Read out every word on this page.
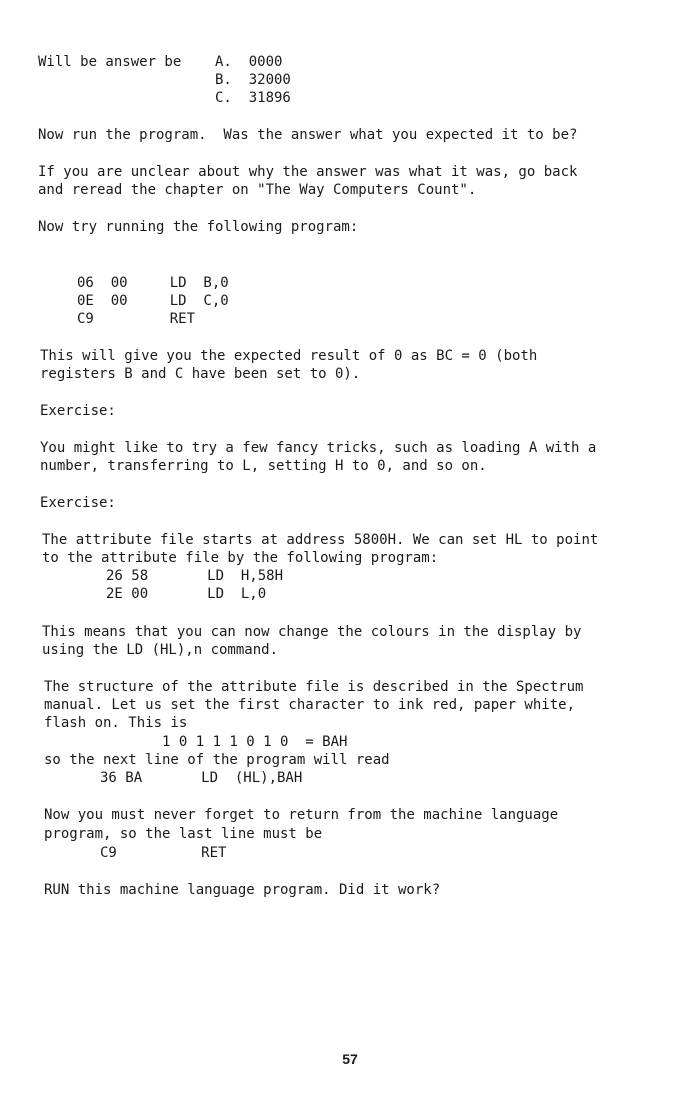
Will be answer be    A.  0000

B.  32000

C.  31896

Now run the program.  Was the answer what you expected it to be?

If you are unclear about why the answer was what it was, go back

and reread the chapter on "The Way Computers Count".

Now try running the following program:

06  00     LD  B,0

0E  00     LD  C,0

C9         RET

This will give you the expected result of 0 as BC = 0 (both

registers B and C have been set to 0).

Exercise:

You might like to try a few fancy tricks, such as loading A with a

number, transferring to L, setting H to 0, and so on.

Exercise:

The attribute file starts at address 5800H. We can set HL to point

to the attribute file by the following program:

26 58       LD  H,58H

2E 00       LD  L,0

This means that you can now change the colours in the display by

using the LD (HL),n command.

The structure of the attribute file is described in the Spectrum

manual. Let us set the first character to ink red, paper white,

flash on. This is

1 0 1 1 1 0 1 0  = BAH

so the next line of the program will read

36 BA       LD  (HL),BAH

Now you must never forget to return from the machine language

program, so the last line must be

C9          RET

RUN this machine language program. Did it work?

57
